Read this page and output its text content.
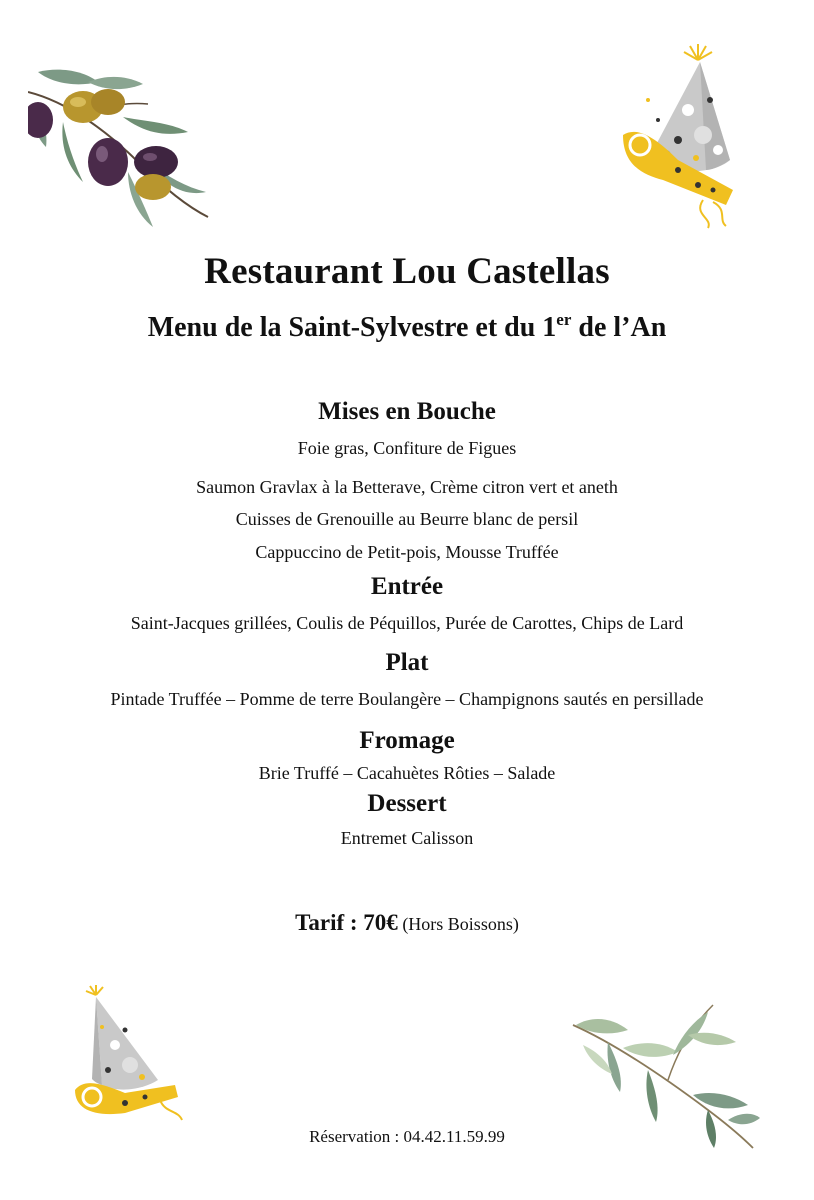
Restaurant Lou Castellas
Menu de la Saint-Sylvestre et du 1er de l’An
Mises en Bouche
Foie gras, Confiture de Figues
Saumon Gravlax à la Betterave, Crème citron vert et aneth
Cuisses de Grenouille au Beurre blanc de persil
Cappuccino de Petit-pois, Mousse Truffée
Entrée
Saint-Jacques grillées, Coulis de Péquillos, Purée de Carottes, Chips de Lard
Plat
Pintade Truffée – Pomme de terre Boulangère – Champignons sautés en persillade
Fromage
Brie Truffé – Cacahuètes Rôties – Salade
Dessert
Entremet Calisson
Tarif : 70€ (Hors Boissons)
Réservation : 04.42.11.59.99
